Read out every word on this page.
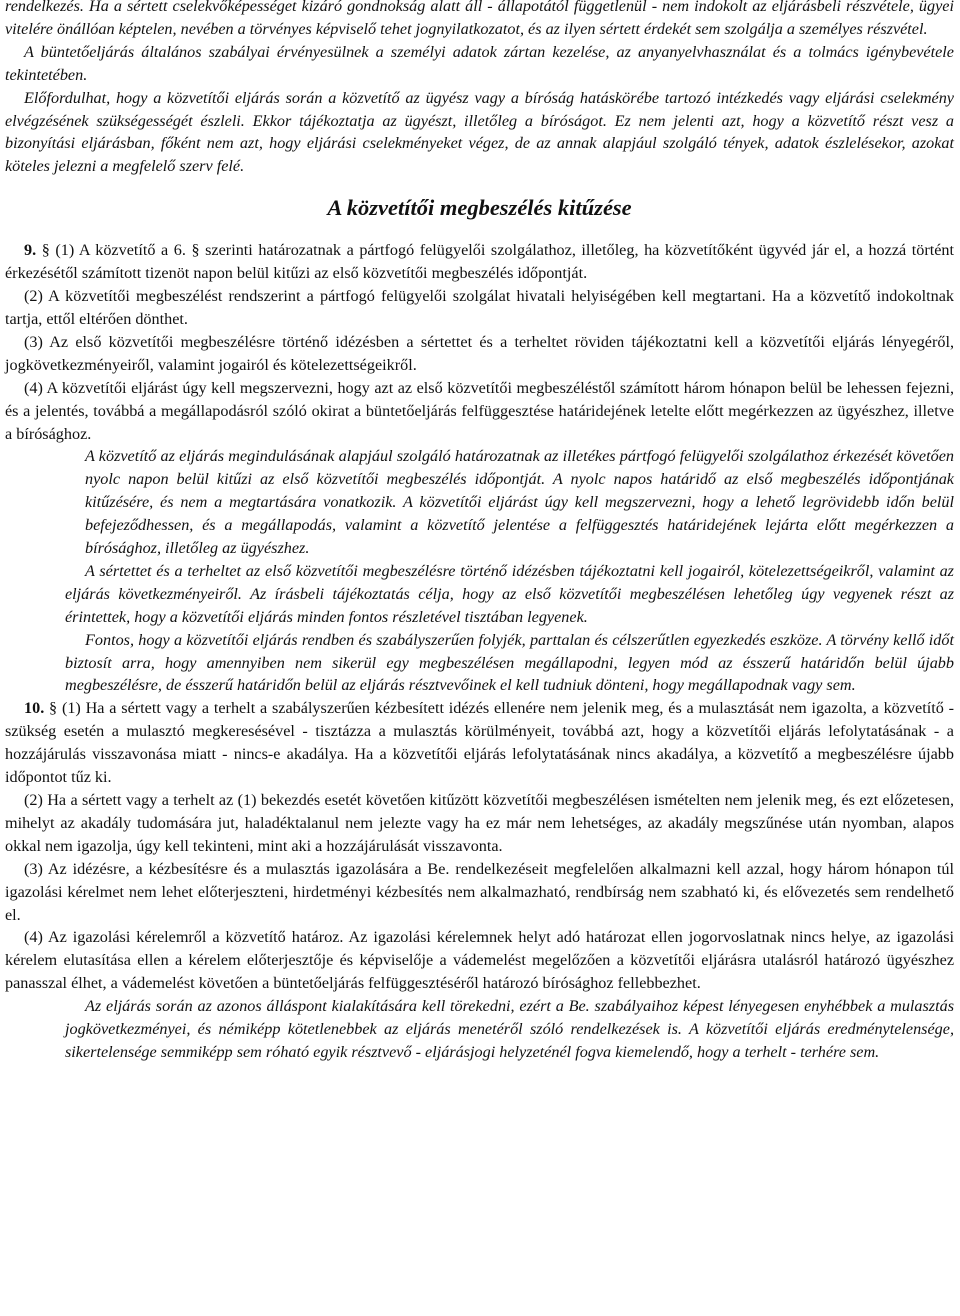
rendelkezés. Ha a sértett cselekvőképességet kizáró gondnokság alatt áll - állapotától függetlenül - nem indokolt az eljárásbeli részvétele, ügyei vitelére önállóan képtelen, nevében a törvényes képviselő tehet jognyilatkozatot, és az ilyen sértett érdekét sem szolgálja a személyes részvétel.

A büntetőeljárás általános szabályai érvényesülnek a személyi adatok zártan kezelése, az anyanyelvhasználat és a tolmács igénybevétele tekintetében.

Előfordulhat, hogy a közvetítői eljárás során a közvetítő az ügyész vagy a bíróság hatáskörébe tartozó intézkedés vagy eljárási cselekmény elvégzésének szükségességét észleli. Ekkor tájékoztatja az ügyészt, illetőleg a bíróságot. Ez nem jelenti azt, hogy a közvetítő részt vesz a bizonyítási eljárásban, főként nem azt, hogy eljárási cselekményeket végez, de az annak alapjául szolgáló tények, adatok észlelésekor, azokat köteles jelezni a megfelelő szerv felé.

A közvetítői megbeszélés kitűzése

9. § (1) A közvetítő a 6. § szerinti határozatnak a pártfogó felügyelői szolgálathoz, illetőleg, ha közvetítőként ügyvéd jár el, a hozzá történt érkezésétől számított tizenöt napon belül kitűzi az első közvetítői megbeszélés időpontját.

(2) A közvetítői megbeszélést rendszerint a pártfogó felügyelői szolgálat hivatali helyiségében kell megtartani. Ha a közvetítő indokoltnak tartja, ettől eltérően dönthet.

(3) Az első közvetítői megbeszélésre történő idézésben a sértettet és a terheltet röviden tájékoztatni kell a közvetítői eljárás lényegéről, jogkövetkezményeiről, valamint jogairól és kötelezettségeikről.

(4) A közvetítői eljárást úgy kell megszervezni, hogy azt az első közvetítői megbeszéléstől számított három hónapon belül be lehessen fejezni, és a jelentés, továbbá a megállapodásról szóló okirat a büntetőeljárás felfüggesztése határidejének letelte előtt megérkezzen az ügyészhez, illetve a bírósághoz.

A közvetítő az eljárás megindulásának alapjául szolgáló határozatnak az illetékes pártfogó felügyelői szolgálathoz érkezését követően nyolc napon belül kitűzi az első közvetítői megbeszélés időpontját. A nyolc napos határidő az első megbeszélés időpontjának kitűzésére, és nem a megtartására vonatkozik. A közvetítői eljárást úgy kell megszervezni, hogy a lehető legrövidebb időn belül befejeződhessen, és a megállapodás, valamint a közvetítő jelentése a felfüggesztés határidejének lejárta előtt megérkezzen a bírósághoz, illetőleg az ügyészhez.

A sértettet és a terheltet az első közvetítői megbeszélésre történő idézésben tájékoztatni kell jogairól, kötelezettségeikről, valamint az eljárás következményeiről. Az írásbeli tájékoztatás célja, hogy az első közvetítői megbeszélésen lehetőleg úgy vegyenek részt az érintettek, hogy a közvetítői eljárás minden fontos részletével tisztában legyenek.

Fontos, hogy a közvetítői eljárás rendben és szabályszerűen folyjék, parttalan és célszerűtlen egyezkedés eszköze. A törvény kellő időt biztosít arra, hogy amennyiben nem sikerül egy megbeszélésen megállapodni, legyen mód az ésszerű határidőn belül újabb megbeszélésre, de ésszerű határidőn belül az eljárás résztvevőinek el kell tudniuk dönteni, hogy megállapodnak vagy sem.

10. § (1) Ha a sértett vagy a terhelt a szabályszerűen kézbesített idézés ellenére nem jelenik meg, és a mulasztását nem igazolta, a közvetítő - szükség esetén a mulasztó megkeresésével - tisztázza a mulasztás körülményeit, továbbá azt, hogy a közvetítői eljárás lefolytatásának - a hozzájárulás visszavonása miatt - nincs-e akadálya. Ha a közvetítői eljárás lefolytatásának nincs akadálya, a közvetítő a megbeszélésre újabb időpontot tűz ki.

(2) Ha a sértett vagy a terhelt az (1) bekezdés esetét követően kitűzött közvetítői megbeszélésen ismételten nem jelenik meg, és ezt előzetesen, mihelyt az akadály tudomására jut, haladéktalanul nem jelezte vagy ha ez már nem lehetséges, az akadály megszűnése után nyomban, alapos okkal nem igazolja, úgy kell tekinteni, mint aki a hozzájárulását visszavonta.

(3) Az idézésre, a kézbesítésre és a mulasztás igazolására a Be. rendelkezéseit megfelelően alkalmazni kell azzal, hogy három hónapon túl igazolási kérelmet nem lehet előterjeszteni, hirdetményi kézbesítés nem alkalmazható, rendbírság nem szabható ki, és elővezetés sem rendelhető el.

(4) Az igazolási kérelemről a közvetítő határoz. Az igazolási kérelemnek helyt adó határozat ellen jogorvoslatnak nincs helye, az igazolási kérelem elutasítása ellen a kérelem előterjesztője és képviselője a vádemelést megelőzően a közvetítői eljárásra utalásról határozó ügyészhez panasszal élhet, a vádemelést követően a büntetőeljárás felfüggesztéséről határozó bírósághoz fellebbezhet.

Az eljárás során az azonos álláspont kialakítására kell törekedni, ezért a Be. szabályaihoz képest lényegesen enyhébbek a mulasztás jogkövetkezményei, és némiképp kötetlenebbek az eljárás menetéről szóló rendelkezések is. A közvetítői eljárás eredménytelensége, sikertelensége semmiképp sem róható egyik résztvevő - eljárásjogi helyzeténél fogva kiemelendő, hogy a terhelt - terhére sem.
